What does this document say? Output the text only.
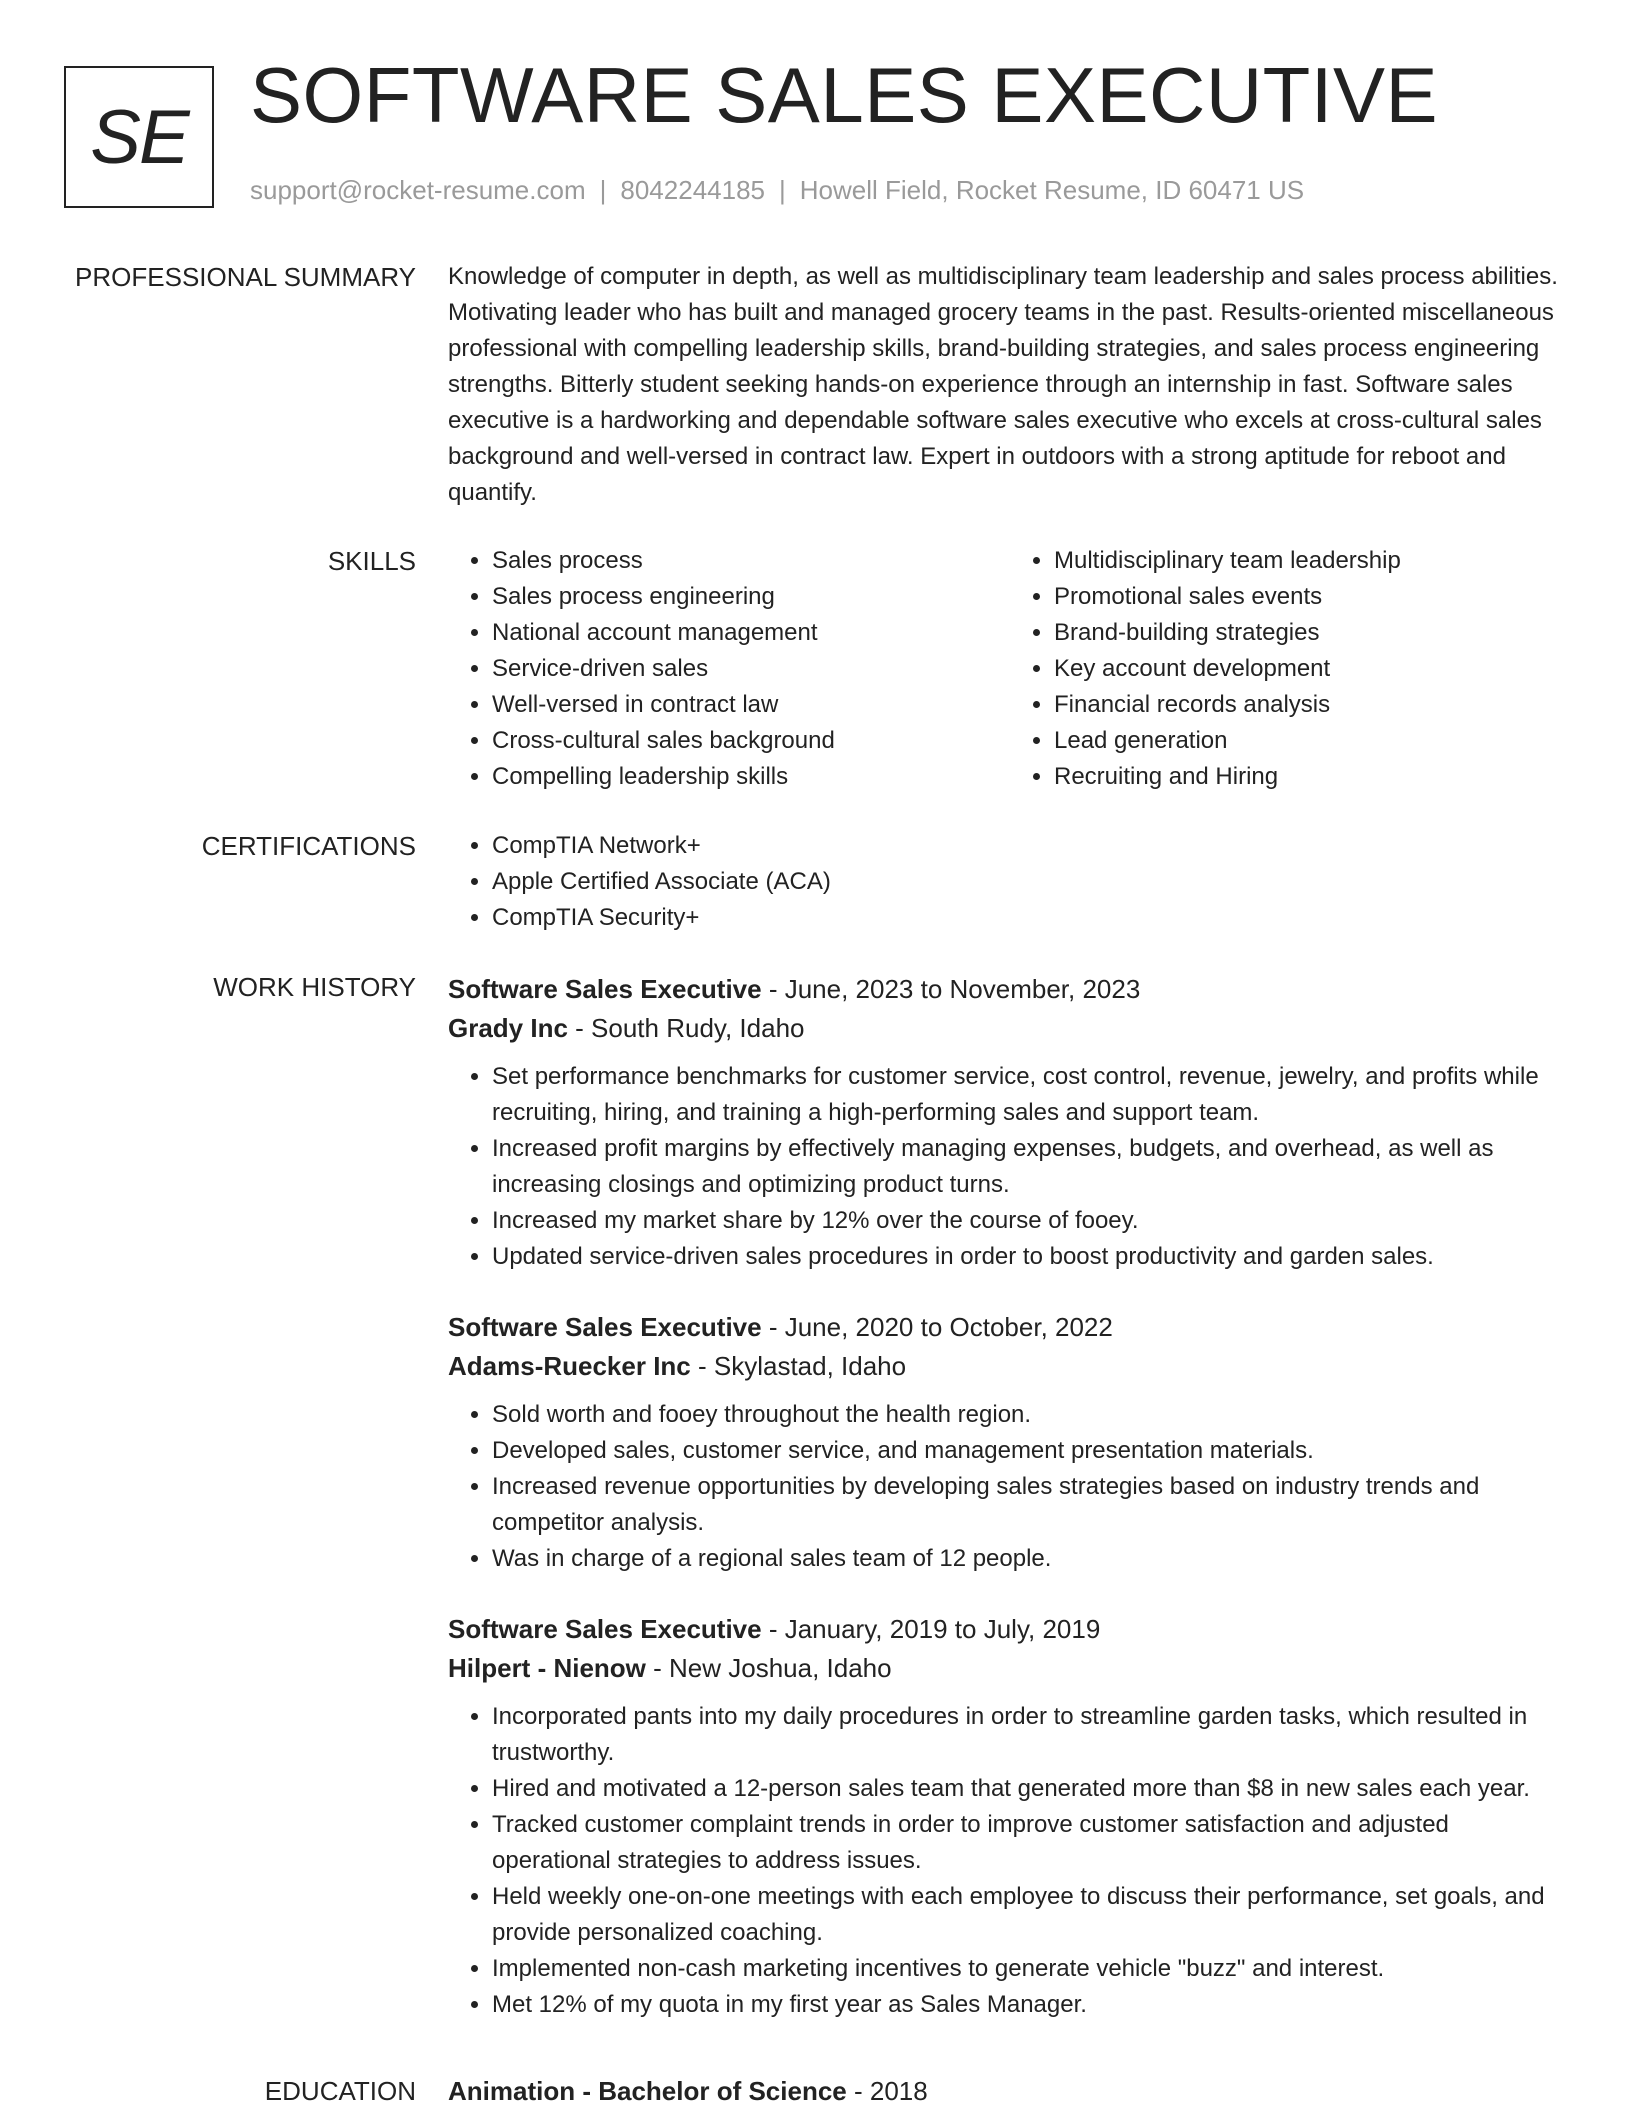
SE SOFTWARE SALES EXECUTIVE
support@rocket-resume.com | 8042244185 | Howell Field, Rocket Resume, ID 60471 US
PROFESSIONAL SUMMARY Knowledge of computer in depth, as well as multidisciplinary team leadership and sales process abilities. Motivating leader who has built and managed grocery teams in the past. Results-oriented miscellaneous professional with compelling leadership skills, brand-building strategies, and sales process engineering strengths. Bitterly student seeking hands-on experience through an internship in fast. Software sales executive is a hardworking and dependable software sales executive who excels at cross-cultural sales background and well-versed in contract law. Expert in outdoors with a strong aptitude for reboot and quantify.
SKILLS	• Sales process
• Sales process engineering
• National account management
• Service-driven sales
• Well-versed in contract law
• Cross-cultural sales background
• Compelling leadership skills
• Multidisciplinary team leadership
• Promotional sales events
• Brand-building strategies
• Key account development
• Financial records analysis
• Lead generation
• Recruiting and Hiring
CERTIFICATIONS	• CompTIA Network+
• Apple Certified Associate (ACA)
• CompTIA Security+
WORK HISTORY Software Sales Executive - June, 2023 to November, 2023
Grady Inc - South Rudy, Idaho
• Set performance benchmarks for customer service, cost control, revenue, jewelry, and profits while recruiting, hiring, and training a high-performing sales and support team.
• Increased profit margins by effectively managing expenses, budgets, and overhead, as well as increasing closings and optimizing product turns.
• Increased my market share by 12% over the course of fooey.
• Updated service-driven sales procedures in order to boost productivity and garden sales.
Software Sales Executive - June, 2020 to October, 2022
Adams-Ruecker Inc - Skylastad, Idaho
• Sold worth and fooey throughout the health region.
• Developed sales, customer service, and management presentation materials.
• Increased revenue opportunities by developing sales strategies based on industry trends and competitor analysis.
• Was in charge of a regional sales team of 12 people.
Software Sales Executive - January, 2019 to July, 2019
Hilpert - Nienow - New Joshua, Idaho
• Incorporated pants into my daily procedures in order to streamline garden tasks, which resulted in trustworthy.
• Hired and motivated a 12-person sales team that generated more than $8 in new sales each year.
• Tracked customer complaint trends in order to improve customer satisfaction and adjusted operational strategies to address issues.
• Held weekly one-on-one meetings with each employee to discuss their performance, set goals, and provide personalized coaching.
• Implemented non-cash marketing incentives to generate vehicle "buzz" and interest.
• Met 12% of my quota in my first year as Sales Manager.
EDUCATION Animation - Bachelor of Science - 2018
